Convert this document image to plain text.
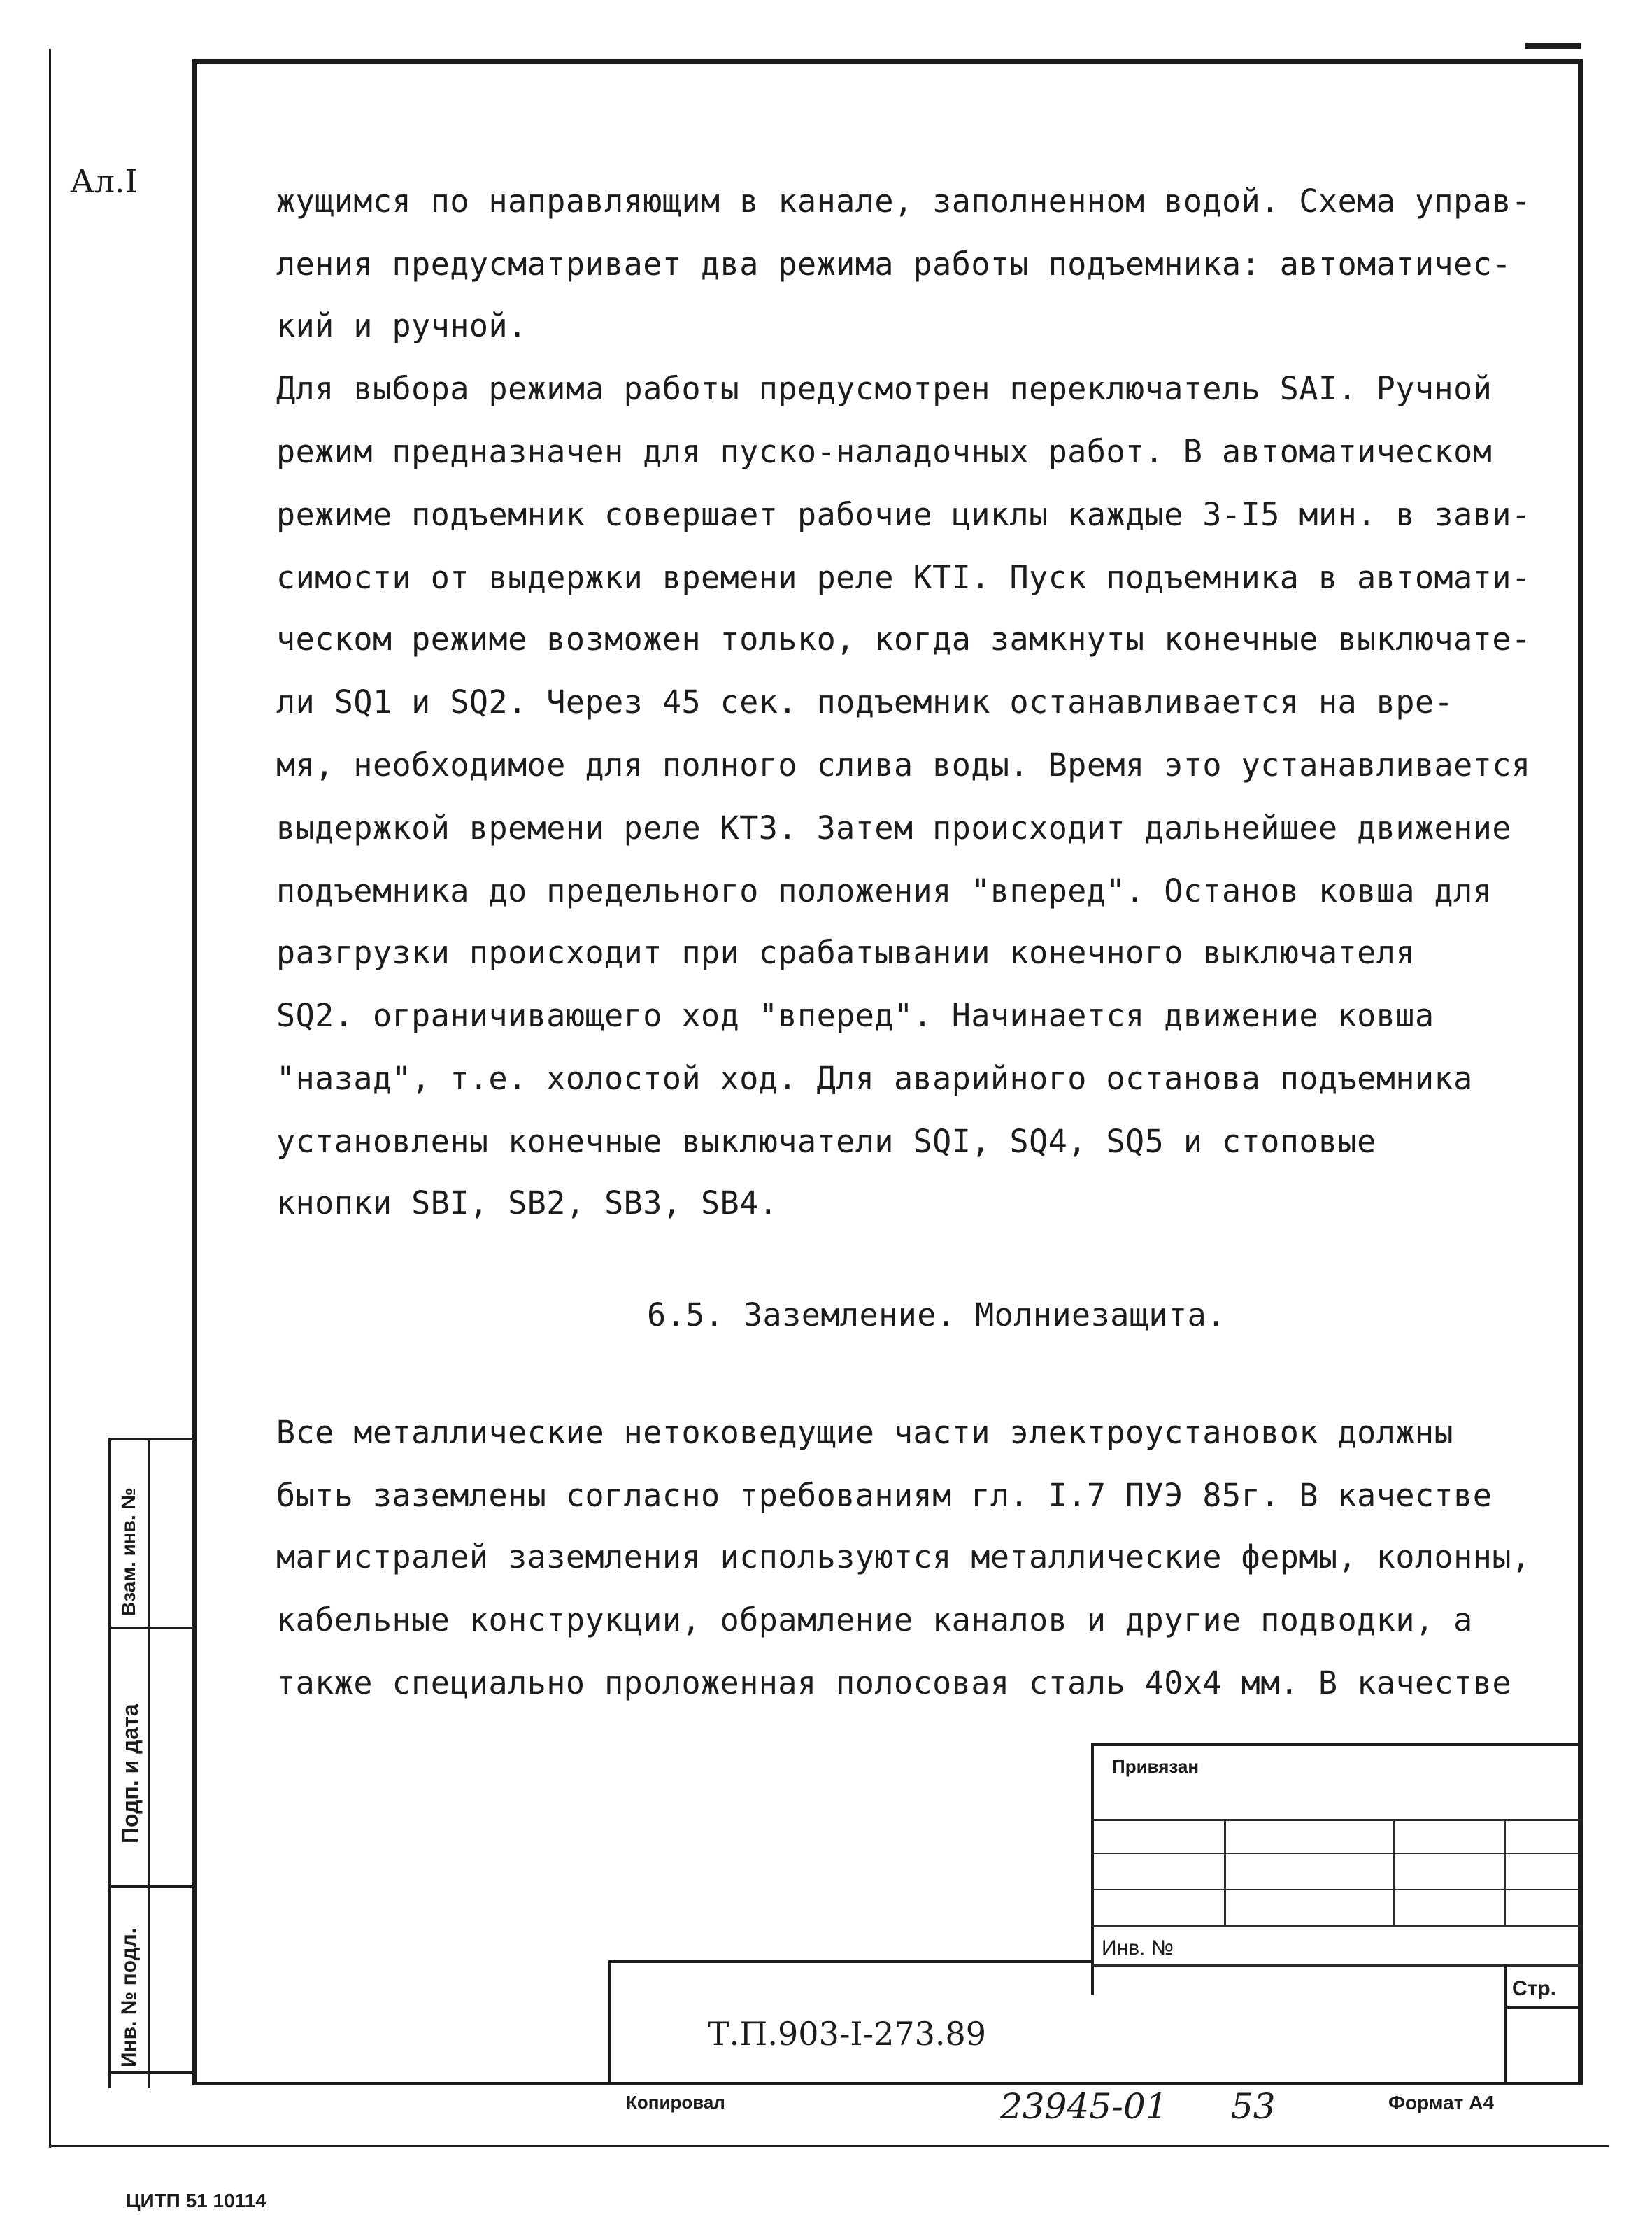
Ал.I
жущимся по направляющим в канале, заполненном водой. Схема управ-
ления предусматривает два режима работы подъемника: автоматичес-
кий и ручной.
Для выбора режима работы предусмотрен переключатель SAI. Ручной
режим предназначен для пуско-наладочных работ. В автоматическом
режиме подъемник совершает рабочие циклы каждые 3-I5 мин. в зави-
симости от выдержки времени реле КТI. Пуск подъемника в автомати-
ческом режиме возможен только, когда замкнуты конечные выключате-
ли SQ1 и SQ2. Через 45 сек. подъемник останавливается на вре-
мя, необходимое для полного слива воды. Время это устанавливается
выдержкой времени реле КТ3. Затем происходит дальнейшее движение
подъемника до предельного положения "вперед". Останов ковша для
разгрузки происходит при срабатывании конечного выключателя
SQ2. ограничивающего ход "вперед". Начинается движение ковша
"назад", т.е. холостой ход. Для аварийного останова подъемника
установлены конечные выключатели SQI, SQ4, SQ5 и стоповые
кнопки SBI, SB2, SB3, SB4.
6.5. Заземление. Молниезащита.
Все металлические нетоковедущие части электроустановок должны
быть заземлены согласно требованиям гл. I.7 ПУЭ 85г. В качестве
магистралей заземления используются металлические фермы, колонны,
кабельные конструкции, обрамление каналов и другие подводки, а
также специально проложенная полосовая сталь 40х4 мм. В качестве
Взам. инв. №
Подп. и дата
Инв. № подл.
Привязан
Инв. №
Стр.
Т.П.903-I-273.89
Копировал	23945-01 53	Формат А4
ЦИТП 51 10114
